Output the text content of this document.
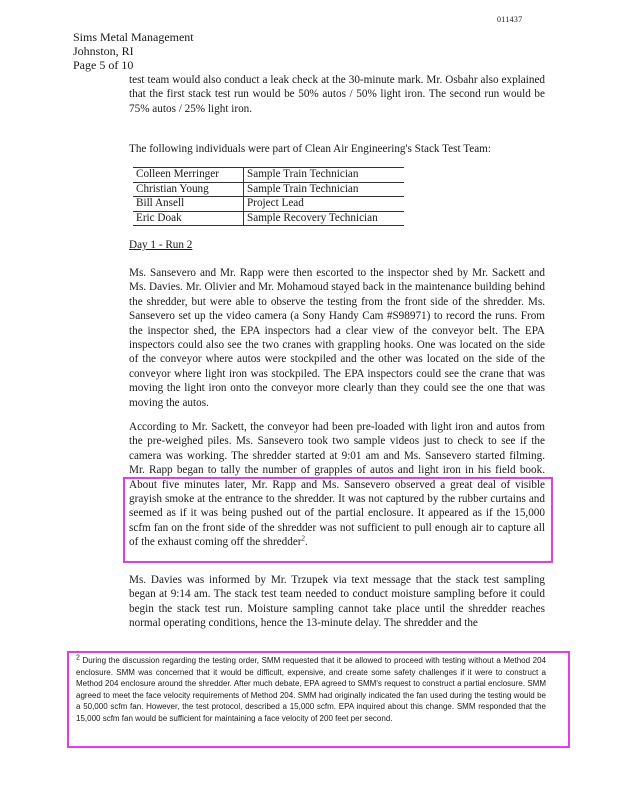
011437
Sims Metal Management
Johnston, RI
Page 5 of 10
test team would also conduct a leak check at the 30-minute mark. Mr. Osbahr also explained that the first stack test run would be 50% autos / 50% light iron. The second run would be 75% autos / 25% light iron.
The following individuals were part of Clean Air Engineering's Stack Test Team:
Colleen Merringer	Sample Train Technician
Christian Young	Sample Train Technician
Bill Ansell	Project Lead
Eric Doak	Sample Recovery Technician
Day 1 - Run 2
Ms. Sansevero and Mr. Rapp were then escorted to the inspector shed by Mr. Sackett and Ms. Davies. Mr. Olivier and Mr. Mohamoud stayed back in the maintenance building behind the shredder, but were able to observe the testing from the front side of the shredder. Ms. Sansevero set up the video camera (a Sony Handy Cam #S98971) to record the runs. From the inspector shed, the EPA inspectors had a clear view of the conveyor belt. The EPA inspectors could also see the two cranes with grappling hooks. One was located on the side of the conveyor where autos were stockpiled and the other was located on the side of the conveyor where light iron was stockpiled. The EPA inspectors could see the crane that was moving the light iron onto the conveyor more clearly than they could see the one that was moving the autos.
According to Mr. Sackett, the conveyor had been pre-loaded with light iron and autos from the pre-weighed piles. Ms. Sansevero took two sample videos just to check to see if the camera was working. The shredder started at 9:01 am and Ms. Sansevero started filming. Mr. Rapp began to tally the number of grapples of autos and light iron in his field book. About five minutes later, Mr. Rapp and Ms. Sansevero observed a great deal of visible grayish smoke at the entrance to the shredder. It was not captured by the rubber curtains and seemed as if it was being pushed out of the partial enclosure. It appeared as if the 15,000 scfm fan on the front side of the shredder was not sufficient to pull enough air to capture all of the exhaust coming off the shredder$^2$.
Ms. Davies was informed by Mr. Trzupek via text message that the stack test sampling began at 9:14 am. The stack test team needed to conduct moisture sampling before it could begin the stack test run. Moisture sampling cannot take place until the shredder reaches normal operating conditions, hence the 13-minute delay. The shredder and the
$^2$ During the discussion regarding the testing order, SMM requested that it be allowed to proceed with testing without a Method 204 enclosure. SMM was concerned that it would be difficult, expensive, and create some safety challenges if it were to construct a Method 204 enclosure around the shredder. After much debate, EPA agreed to SMM's request to construct a partial enclosure. SMM agreed to meet the face velocity requirements of Method 204. SMM had originally indicated the fan used during the testing would be a 50,000 scfm fan. However, the test protocol, described a 15,000 scfm. EPA inquired about this change. SMM responded that the 15,000 scfm fan would be sufficient for maintaining a face velocity of 200 feet per second.
